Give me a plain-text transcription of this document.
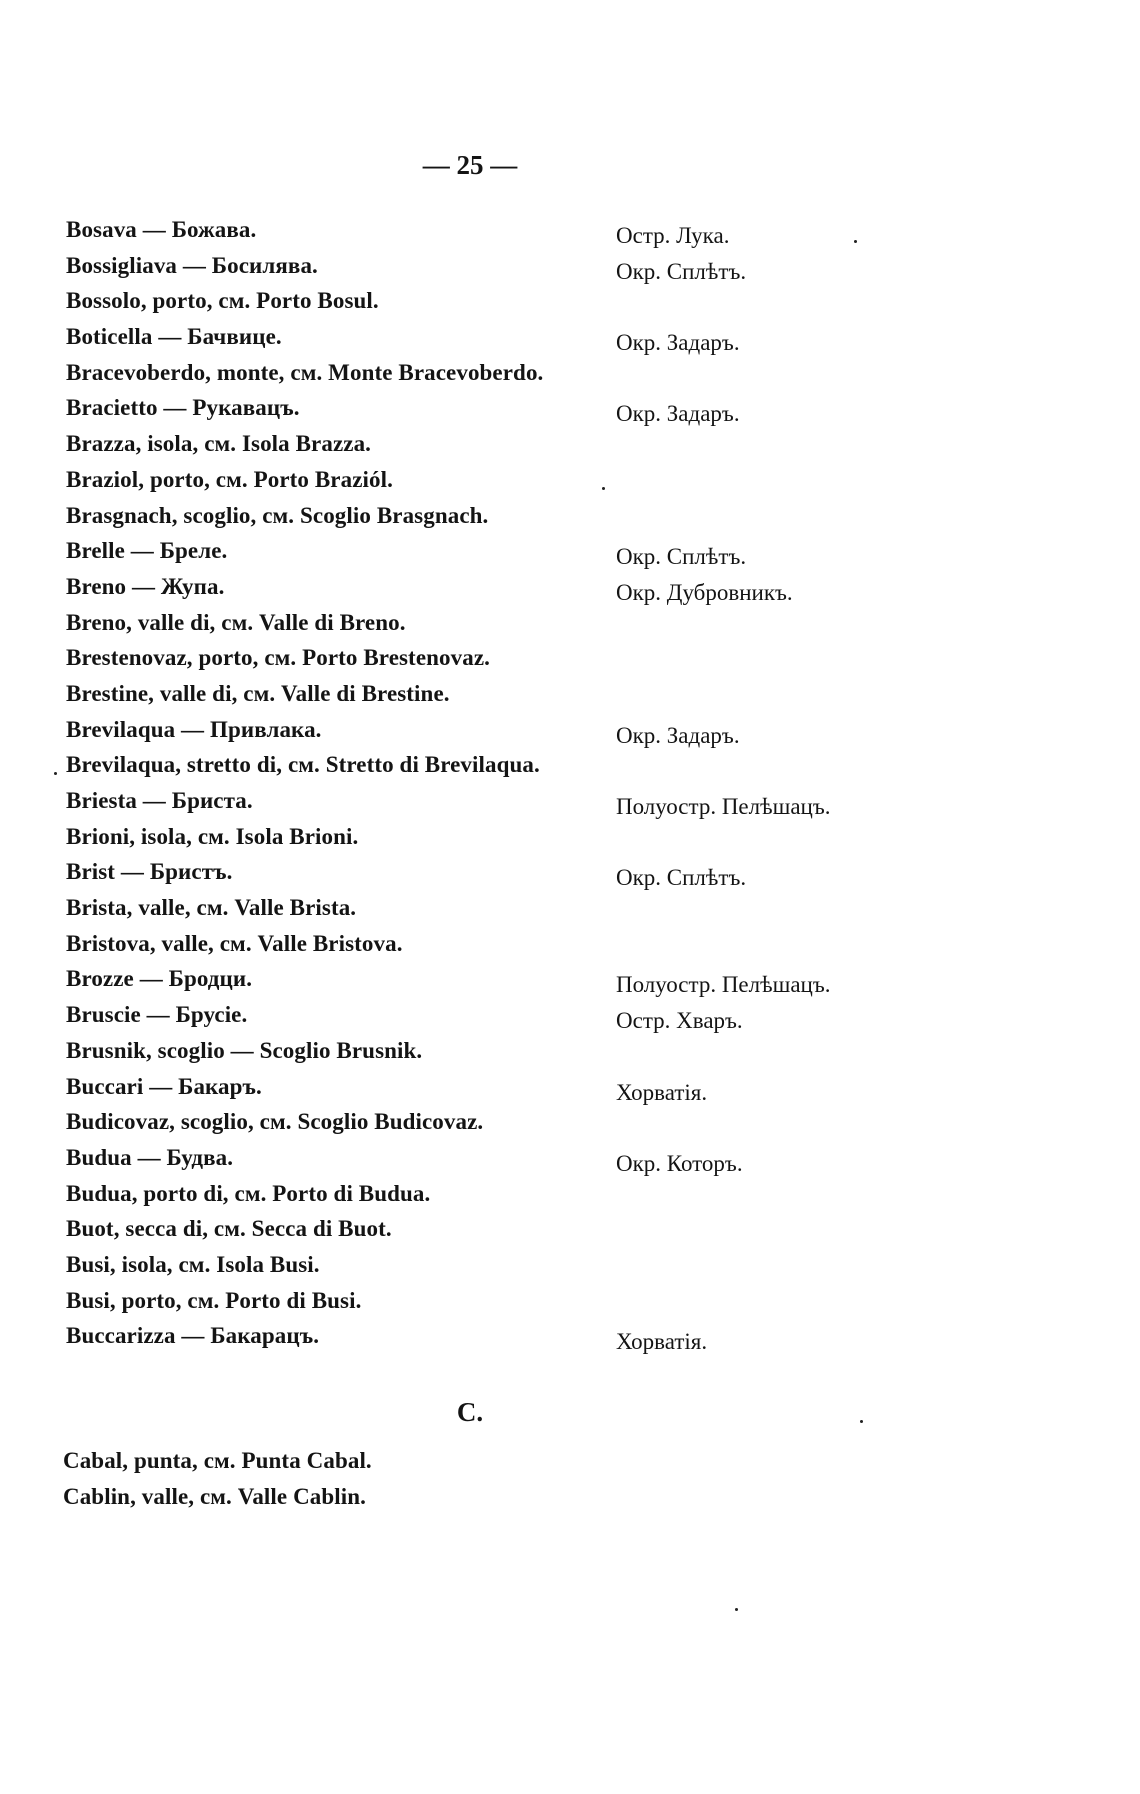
— 25 —
Bosava — Божава.	Остр. Лука.
Bossigliava — Босилява.	Окр. Сплѣтъ.
Bossolo, porto, см. Porto Bosul.
Boticella — Бачвице.	Окр. Задаръ.
Bracevoberdo, monte, см. Monte Bracevoberdo.
Bracietto — Рукавацъ.	Окр. Задаръ.
Brazza, isola, см. Isola Brazza.
Braziol, porto, см. Porto Braziól.
Brasgnach, scoglio, см. Scoglio Brasgnach.
Brelle — Бреле.	Окр. Сплѣтъ.
Breno — Жупа.	Окр. Дубровникъ.
Breno, valle di, см. Valle di Breno.
Brestenovaz, porto, см. Porto Brestenovaz.
Brestine, valle di, см. Valle di Brestine.
Brevilaqua — Привлака.	Окр. Задаръ.
Brevilaqua, stretto di, см. Stretto di Brevilaqua.
Briesta — Бриста.	Полуостр. Пелѣшацъ.
Brioni, isola, см. Isola Brioni.
Brist — Бристъ.	Окр. Сплѣтъ.
Brista, valle, см. Valle Brista.
Bristova, valle, см. Valle Bristova.
Brozze — Бродци.	Полуостр. Пелѣшацъ.
Bruscie — Брусіе.	Остр. Хваръ.
Brusnik, scoglio — Scoglio Brusnik.
Buccari — Бакаръ.	Хорватія.
Budicovaz, scoglio, см. Scoglio Budicovaz.
Budua — Будва.	Окр. Которъ.
Budua, porto di, см. Porto di Budua.
Buot, secca di, см. Secca di Buot.
Busi, isola, см. Isola Busi.
Busi, porto, см. Porto di Busi.
Buccarizza — Бакарацъ.	Хорватія.
C.
Cabal, punta, см. Punta Cabal.
Cablin, valle, см. Valle Cablin.
